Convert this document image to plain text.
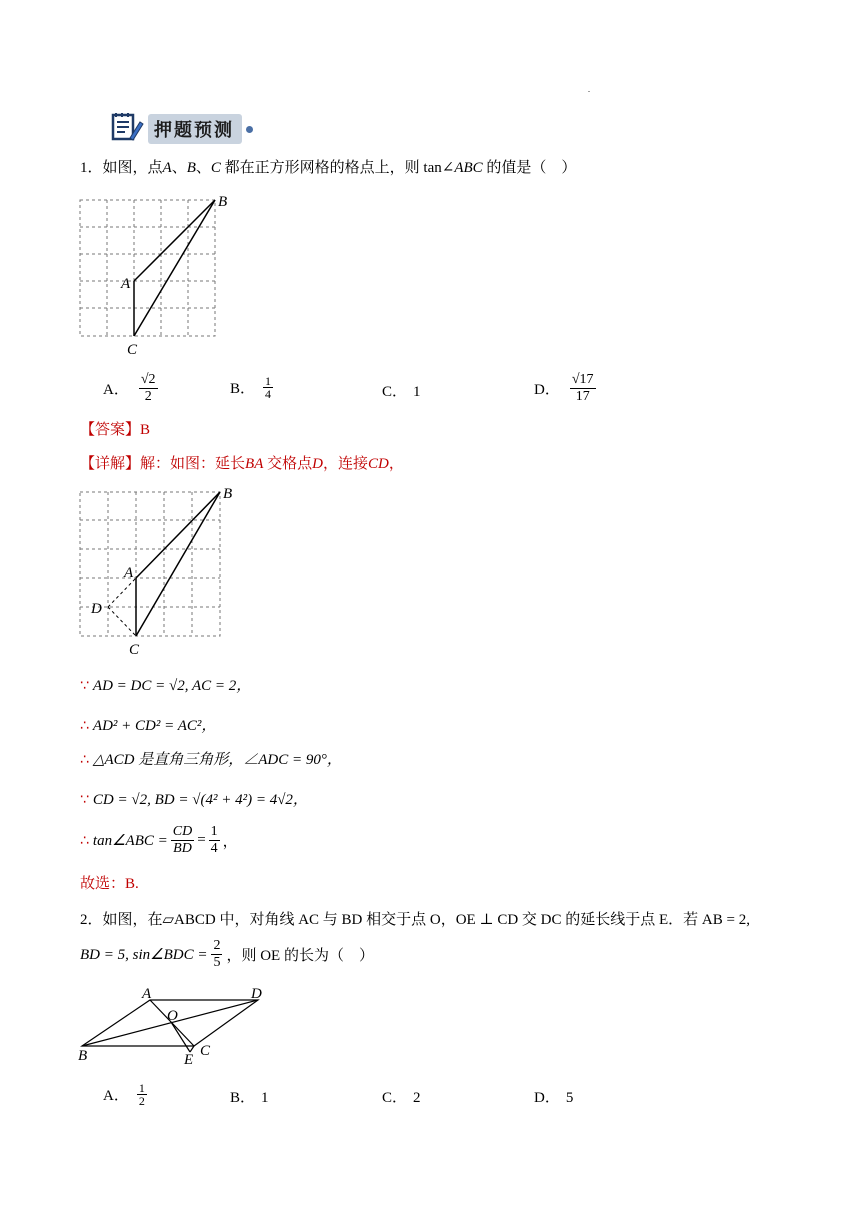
.
押题预测
1．如图，点A、B、C 都在正方形网格的格点上，则 tan∠ABC 的值是（　）
B
A
C
A． $\frac{√2}{2}$	B． $\frac{1}{4}$	C． 1	D． $\frac{√17}{17}$
【答案】B
【详解】解：如图：延长BA 交格点D，连接CD，
B
A
D
C
∵ AD = DC = √2, AC = 2，
∴ AD² + CD² = AC²，
∴ △ACD 是直角三角形，∠ADC = 90°，
∵ CD = √2, BD = √(4² + 4²) = 4√2，
∴ tan∠ABC = $\frac{CD}{BD} = \frac{1}{4}$ ，
故选：B.
2．如图，在▱ABCD 中，对角线 AC 与 BD 相交于点 O，OE ⊥ CD 交 DC 的延长线于点 E．若 AB = 2,
BD = 5, sin∠BDC = $\frac{2}{5}$ ，则 OE 的长为（　）
A	D
O
B	C
E
A． $\frac{1}{2}$	B． 1	C． 2	D． 5
